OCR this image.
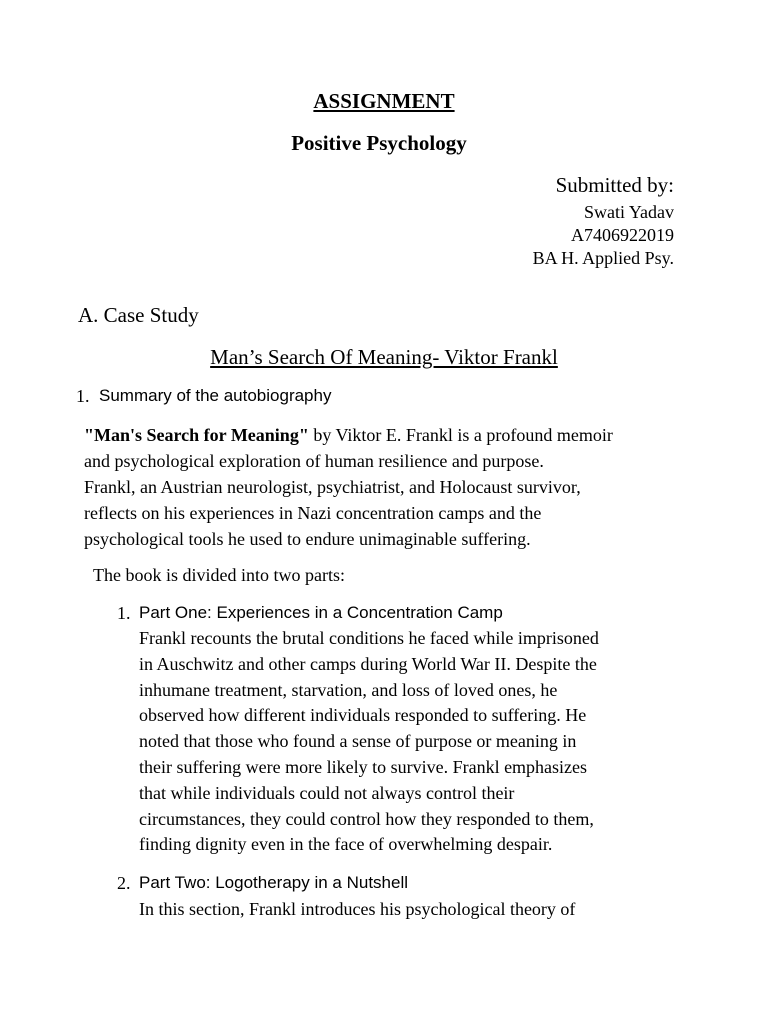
ASSIGNMENT
Positive Psychology
Submitted by:
Swati Yadav
A7406922019
BA H. Applied Psy.
A. Case Study
Man’s Search Of Meaning- Viktor Frankl
1. Summary of the autobiography
"Man's Search for Meaning" by Viktor E. Frankl is a profound memoir
and psychological exploration of human resilience and purpose.
Frankl, an Austrian neurologist, psychiatrist, and Holocaust survivor,
reflects on his experiences in Nazi concentration camps and the
psychological tools he used to endure unimaginable suffering.
The book is divided into two parts:
1. Part One: Experiences in a Concentration Camp
Frankl recounts the brutal conditions he faced while imprisoned
in Auschwitz and other camps during World War II. Despite the
inhumane treatment, starvation, and loss of loved ones, he
observed how different individuals responded to suffering. He
noted that those who found a sense of purpose or meaning in
their suffering were more likely to survive. Frankl emphasizes
that while individuals could not always control their
circumstances, they could control how they responded to them,
finding dignity even in the face of overwhelming despair.
2. Part Two: Logotherapy in a Nutshell
In this section, Frankl introduces his psychological theory of
